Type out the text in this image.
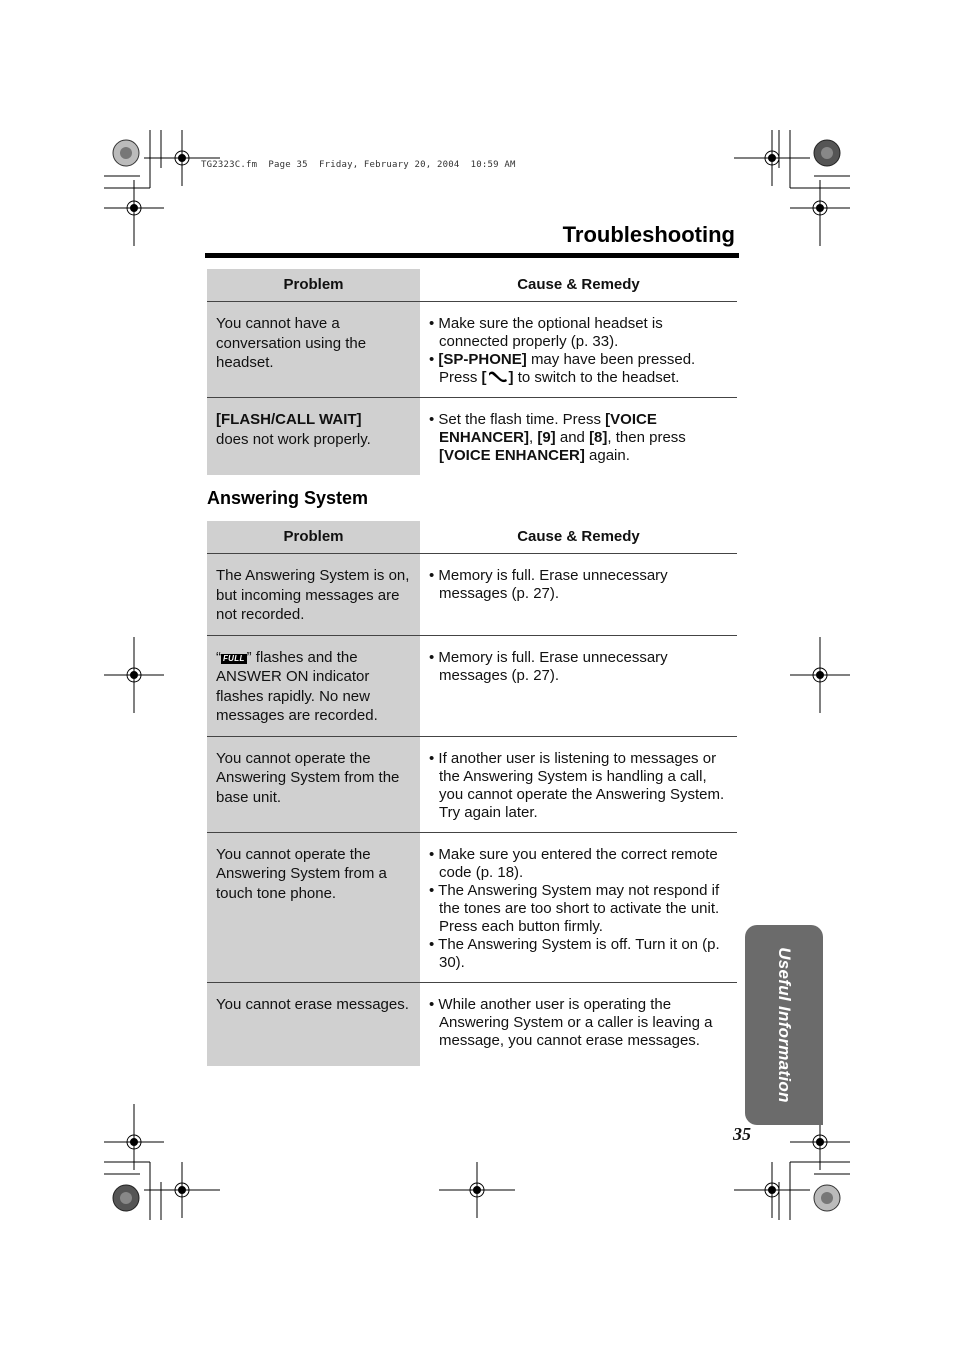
TG2323C.fm  Page 35  Friday, February 20, 2004  10:59 AM
Troubleshooting
Problem	Cause & Remedy
You cannot have a conversation using the headset.	• Make sure the optional headset is connected properly (p. 33).
• [SP-PHONE] may have been pressed. Press [ ] to switch to the headset.

[FLASH/CALL WAIT]
does not work properly.	• Set the flash time. Press [VOICE ENHANCER], [9] and [8], then press [VOICE ENHANCER] again.
Answering System
Problem	Cause & Remedy
The Answering System is on, but incoming messages are not recorded.	• Memory is full. Erase unnecessary messages (p. 27).

“ FULL ” flashes and the ANSWER ON indicator flashes rapidly. No new messages are recorded.	• Memory is full. Erase unnecessary messages (p. 27).

You cannot operate the Answering System from the base unit.	• If another user is listening to messages or the Answering System is handling a call, you cannot operate the Answering System. Try again later.

You cannot operate the Answering System from a touch tone phone.	• Make sure you entered the correct remote code (p. 18).
• The Answering System may not respond if the tones are too short to activate the unit. Press each button firmly.
• The Answering System is off. Turn it on (p. 30).

You cannot erase messages.	• While another user is operating the Answering System or a caller is leaving a message, you cannot erase messages.	Useful Information
35
